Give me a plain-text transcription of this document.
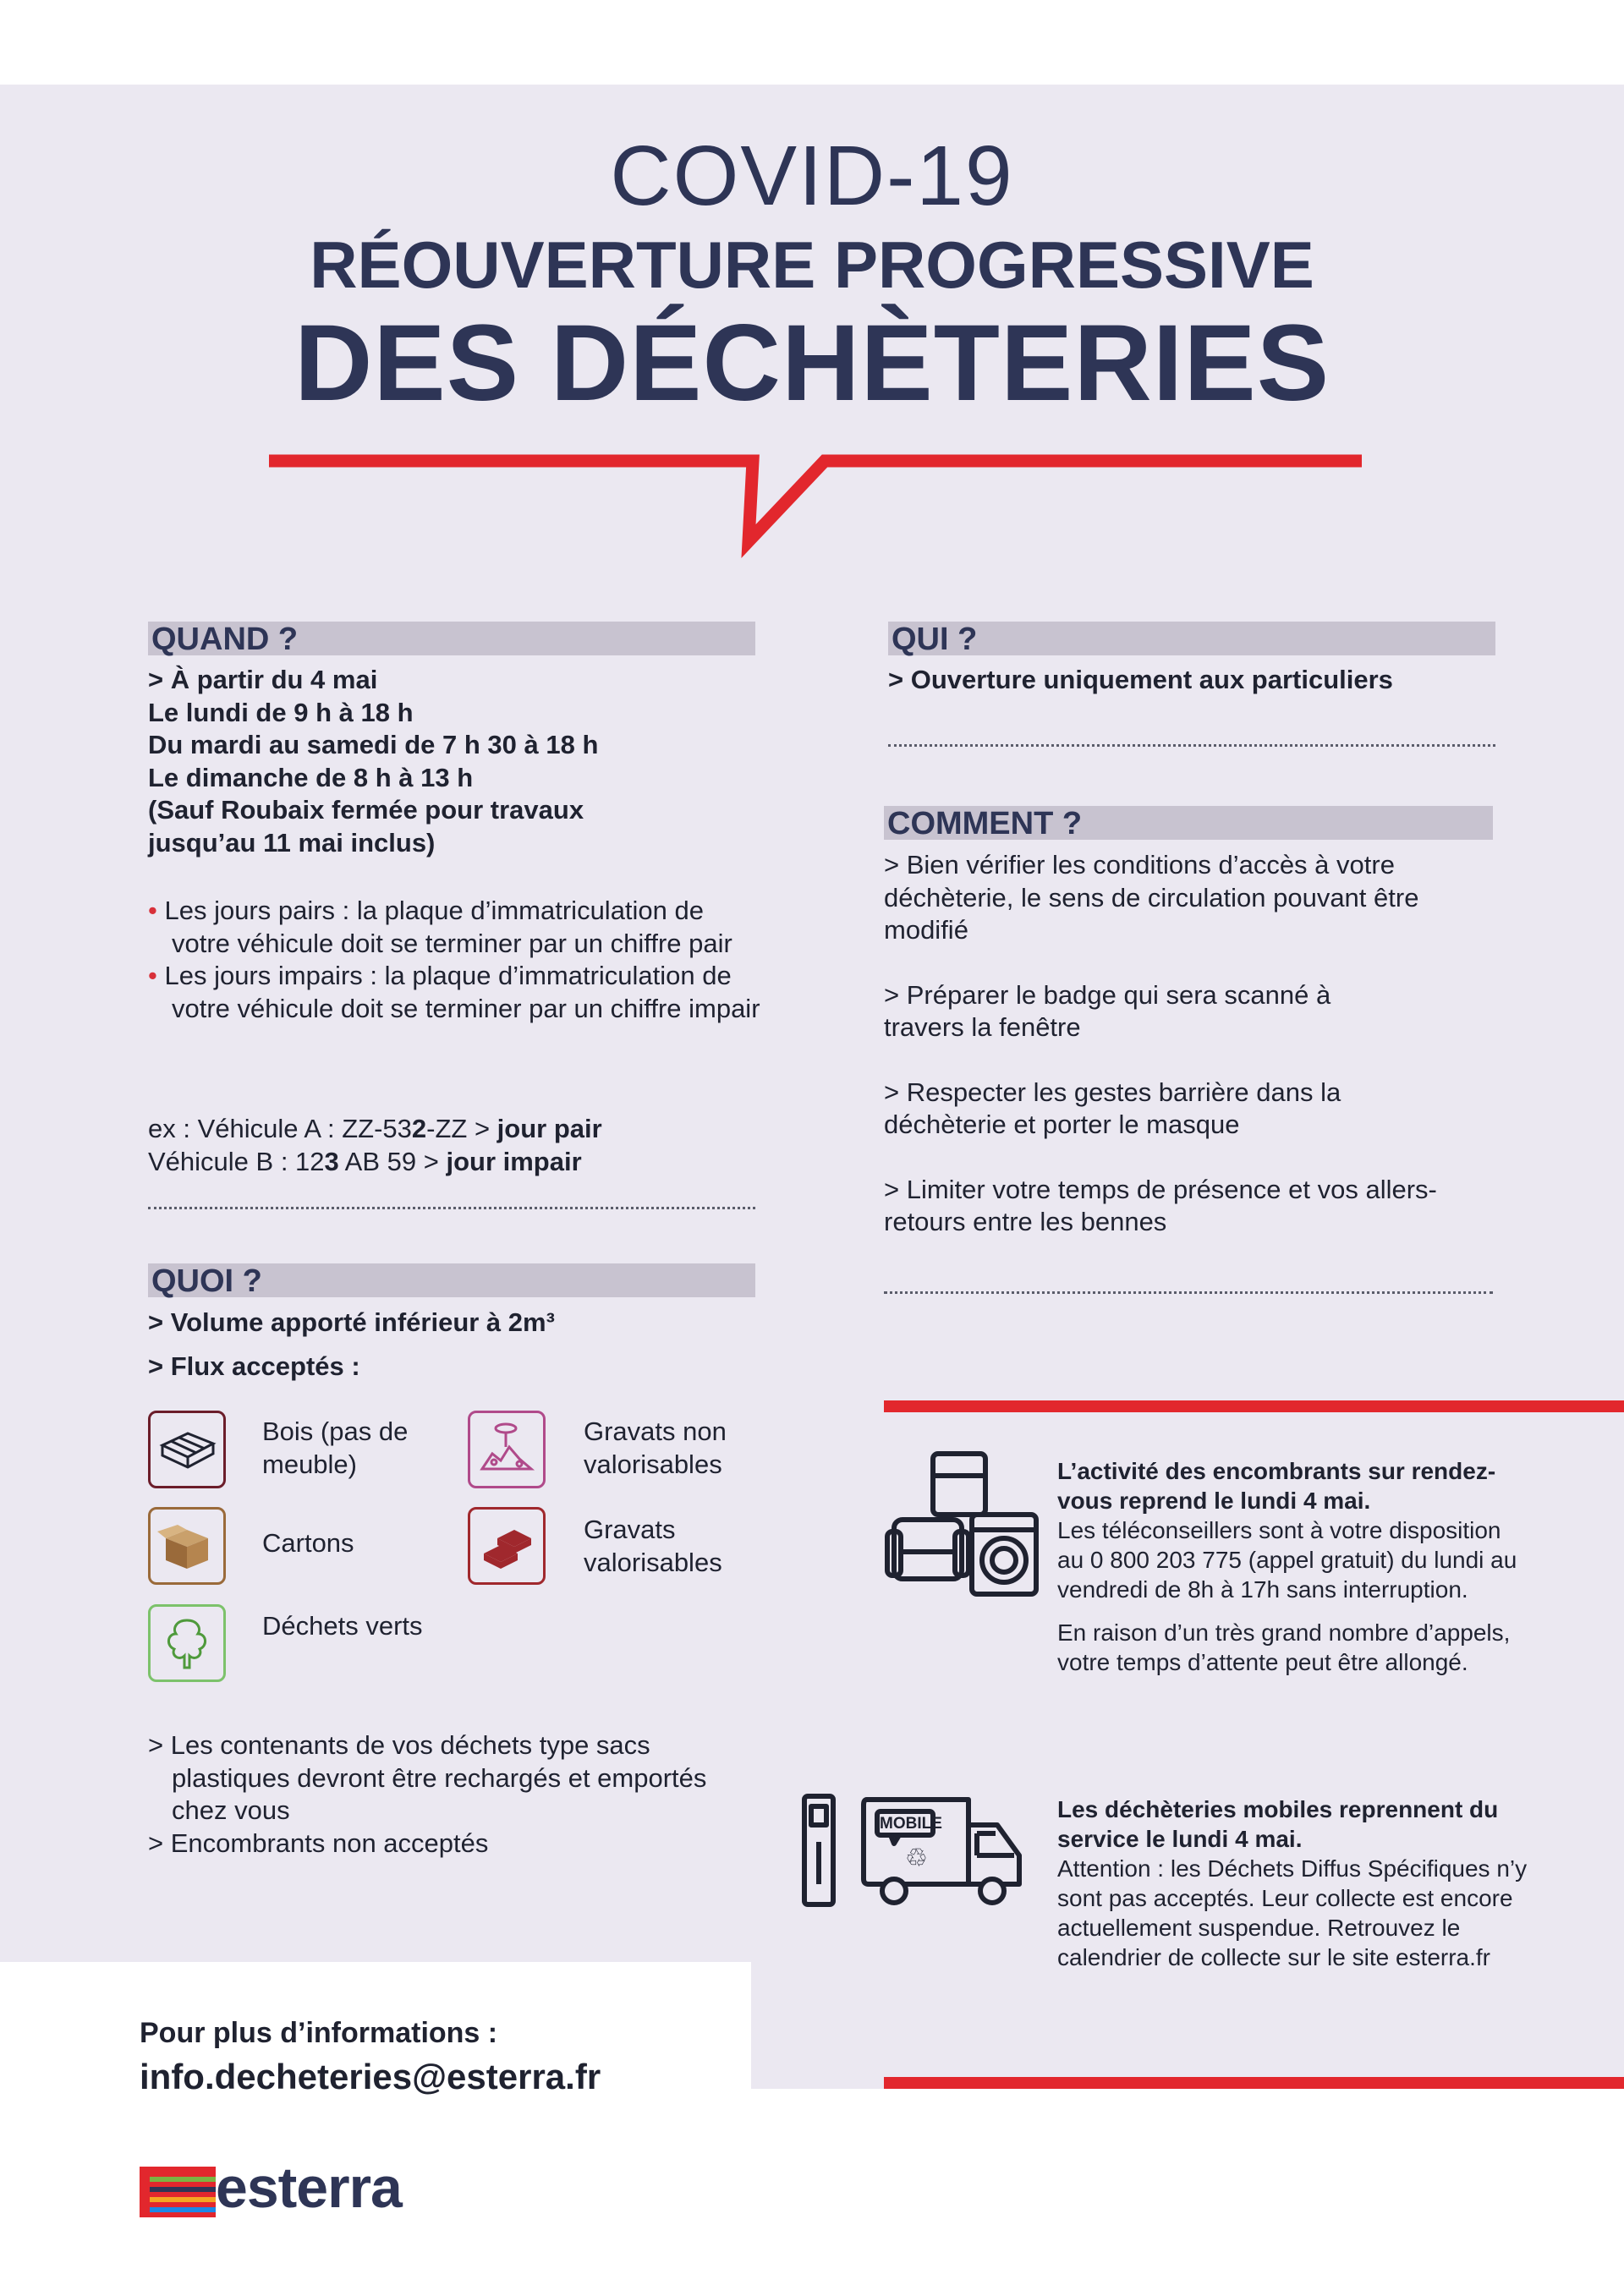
COVID-19
RÉOUVERTURE PROGRESSIVE
DES DÉCHÈTERIES
QUAND ?
> À partir du 4 mai
Le lundi de 9 h à 18 h
Du mardi au samedi de 7 h 30 à 18 h
Le dimanche de 8 h à 13 h
(Sauf Roubaix fermée pour travaux
jusqu’au 11 mai inclus)
• Les jours pairs : la plaque d’immatriculation de votre véhicule doit se terminer par un chiffre pair
• Les jours impairs : la plaque d’immatriculation de votre véhicule doit se terminer par un chiffre impair
ex : Véhicule A : ZZ-532-ZZ > jour pair
Véhicule B : 123 AB 59 > jour impair
QUOI ?
> Volume apporté inférieur à 2m³
> Flux acceptés :
Bois (pas de meuble)
Cartons
Déchets verts
Gravats non valorisables
Gravats valorisables
> Les contenants de vos déchets type sacs plastiques devront être rechargés et emportés chez vous
> Encombrants non acceptés
QUI ?
> Ouverture uniquement aux particuliers
COMMENT ?
> Bien vérifier les conditions d’accès à votre déchèterie, le sens de circulation pouvant être modifié
> Préparer le badge qui sera scanné à travers la fenêtre
> Respecter les gestes barrière dans la déchèterie et porter le masque
> Limiter votre temps de présence et vos allers-retours entre les bennes
L’activité des encombrants sur rendez-vous reprend le lundi 4 mai.
Les téléconseillers sont à votre disposition au 0 800 203 775 (appel gratuit) du lundi au vendredi de 8h à 17h sans interruption.
En raison d’un très grand nombre d’appels, votre temps d’attente peut être allongé.
MOBILE
♲
Les déchèteries mobiles reprennent du service le lundi 4 mai.
Attention : les Déchets Diffus Spécifiques n’y sont pas acceptés. Leur collecte est encore actuellement suspendue. Retrouvez le calendrier de collecte sur le site esterra.fr
Pour plus d’informations :
info.decheteries@esterra.fr
esterra
